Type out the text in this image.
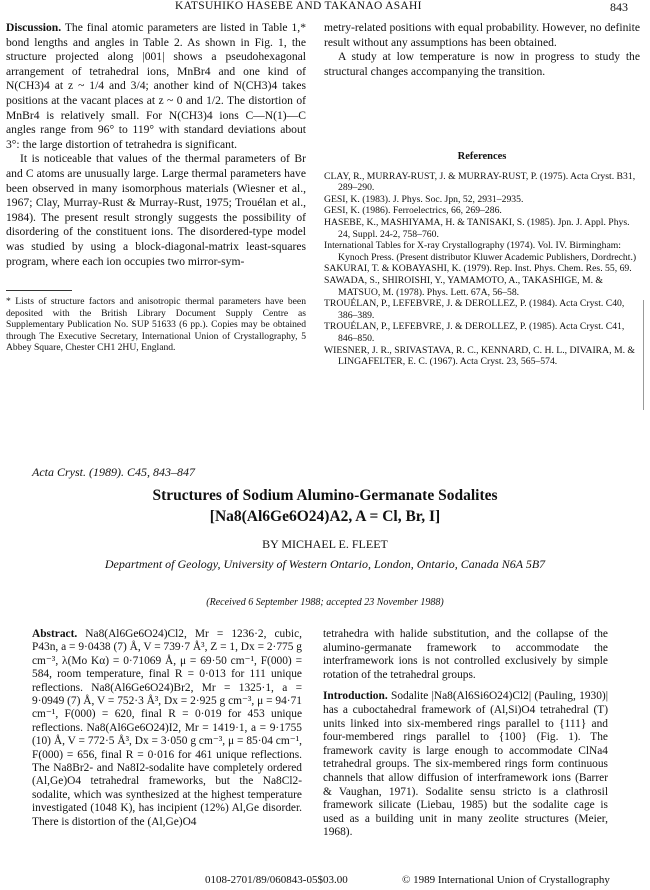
KATSUHIKO HASEBE AND TAKANAO ASAHI	843

Discussion. The final atomic parameters are listed in Table 1,* bond lengths and angles in Table 2. As shown in Fig. 1, the structure projected along |001| shows a pseudohexagonal arrangement of tetrahedral ions, MnBr4 and one kind of N(CH3)4 at z ~ 1/4 and 3/4; another kind of N(CH3)4 takes positions at the vacant places at z ~ 0 and 1/2. The distortion of MnBr4 is relatively small. For N(CH3)4 ions C—N(1)—C angles range from 96° to 119° with standard deviations about 3°: the large distortion of tetrahedra is significant.

It is noticeable that values of the thermal parameters of Br and C atoms are unusually large. Large thermal parameters have been observed in many isomorphous materials (Wiesner et al., 1967; Clay, Murray-Rust & Murray-Rust, 1975; Trouélan et al., 1984). The present result strongly suggests the possibility of disordering of the constituent ions. The disordered-type model was studied by using a block-diagonal-matrix least-squares program, where each ion occupies two mirror-sym-

* Lists of structure factors and anisotropic thermal parameters have been deposited with the British Library Document Supply Centre as Supplementary Publication No. SUP 51633 (6 pp.). Copies may be obtained through The Executive Secretary, International Union of Crystallography, 5 Abbey Square, Chester CH1 2HU, England.

metry-related positions with equal probability. However, no definite result without any assumptions has been obtained.

A study at low temperature is now in progress to study the structural changes accompanying the transition.

References

CLAY, R., MURRAY-RUST, J. & MURRAY-RUST, P. (1975). Acta Cryst. B31, 289–290.

GESI, K. (1983). J. Phys. Soc. Jpn, 52, 2931–2935.

GESI, K. (1986). Ferroelectrics, 66, 269–286.

HASEBE, K., MASHIYAMA, H. & TANISAKI, S. (1985). Jpn. J. Appl. Phys. 24, Suppl. 24-2, 758–760.

International Tables for X-ray Crystallography (1974). Vol. IV. Birmingham: Kynoch Press. (Present distributor Kluwer Academic Publishers, Dordrecht.)

SAKURAI, T. & KOBAYASHI, K. (1979). Rep. Inst. Phys. Chem. Res. 55, 69.

SAWADA, S., SHIROISHI, Y., YAMAMOTO, A., TAKASHIGE, M. & MATSUO, M. (1978). Phys. Lett. 67A, 56–58.

TROUÉLAN, P., LEFEBVRE, J. & DEROLLEZ, P. (1984). Acta Cryst. C40, 386–389.

TROUÉLAN, P., LEFEBVRE, J. & DEROLLEZ, P. (1985). Acta Cryst. C41, 846–850.

WIESNER, J. R., SRIVASTAVA, R. C., KENNARD, C. H. L., DIVAIRA, M. & LINGAFELTER, E. C. (1967). Acta Cryst. 23, 565–574.

Acta Cryst. (1989). C45, 843–847
Structures of Sodium Alumino-Germanate Sodalites
[Na8(Al6Ge6O24)A2, A = Cl, Br, I]
BY MICHAEL E. FLEET
Department of Geology, University of Western Ontario, London, Ontario, Canada N6A 5B7
(Received 6 September 1988; accepted 23 November 1988)

Abstract. Na8(Al6Ge6O24)Cl2, Mr = 1236·2, cubic, P43n, a = 9·0438 (7) Å, V = 739·7 Å³, Z = 1, Dx = 2·775 g cm⁻³, λ(Mo Kα) = 0·71069 Å, μ = 69·50 cm⁻¹, F(000) = 584, room temperature, final R = 0·013 for 111 unique reflections. Na8(Al6Ge6O24)Br2, Mr = 1325·1, a = 9·0949 (7) Å, V = 752·3 Å³, Dx = 2·925 g cm⁻³, μ = 94·71 cm⁻¹, F(000) = 620, final R = 0·019 for 453 unique reflections. Na8(Al6Ge6O24)I2, Mr = 1419·1, a = 9·1755 (10) Å, V = 772·5 Å³, Dx = 3·050 g cm⁻³, μ = 85·04 cm⁻¹, F(000) = 656, final R = 0·016 for 461 unique reflections. The Na8Br2- and Na8I2-sodalite have completely ordered (Al,Ge)O4 tetrahedral frameworks, but the Na8Cl2-sodalite, which was synthesized at the highest temperature investigated (1048 K), has incipient (12%) Al,Ge disorder. There is distortion of the (Al,Ge)O4

tetrahedra with halide substitution, and the collapse of the alumino-germanate framework to accommodate the interframework ions is not controlled exclusively by simple rotation of the tetrahedral groups.

Introduction. Sodalite |Na8(Al6Si6O24)Cl2| (Pauling, 1930)| has a cuboctahedral framework of (Al,Si)O4 tetrahedral (T) units linked into six-membered rings parallel to {111} and four-membered rings parallel to {100} (Fig. 1). The framework cavity is large enough to accommodate ClNa4 tetrahedral groups. The six-membered rings form continuous channels that allow diffusion of interframework ions (Barrer & Vaughan, 1971). Sodalite sensu stricto is a clathrosil framework silicate (Liebau, 1985) but the sodalite cage is used as a building unit in many zeolite structures (Meier, 1968).

0108-2701/89/060843-05$03.00	© 1989 International Union of Crystallography
